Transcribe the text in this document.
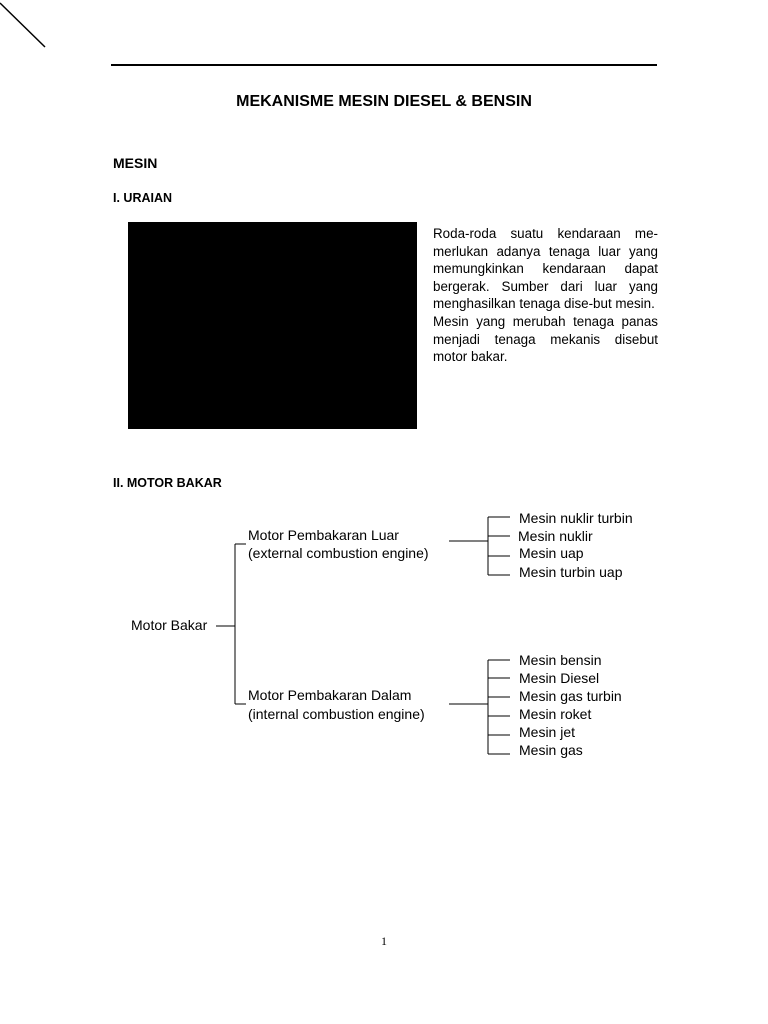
MEKANISME MESIN DIESEL & BENSIN
MESIN
I. URAIAN

Roda-roda suatu kendaraan me-merlukan adanya tenaga luar yang memungkinkan kendaraan dapat bergerak. Sumber dari luar yang menghasilkan tenaga dise-but mesin.

Mesin yang merubah tenaga panas menjadi tenaga mekanis disebut motor bakar.

II. MOTOR BAKAR
Motor Bakar
Motor Pembakaran Luar
(external combustion engine)
Motor Pembakaran Dalam
(internal combustion engine)
Mesin nuklir turbin
Mesin nuklir
Mesin uap
Mesin turbin uap
Mesin bensin
Mesin Diesel
Mesin gas turbin
Mesin roket
Mesin jet
Mesin gas
1
